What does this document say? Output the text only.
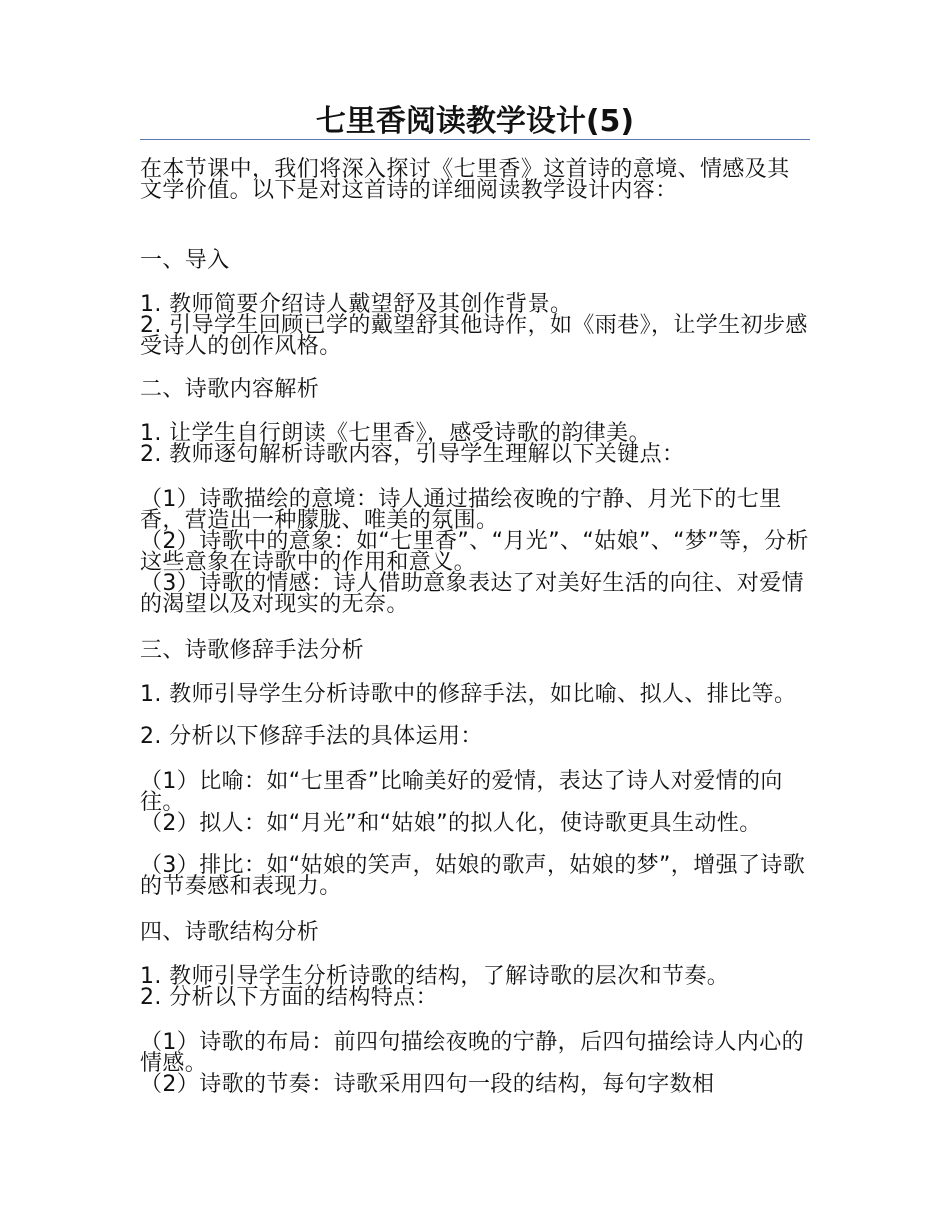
七里香阅读教学设计(5)
在本节课中，我们将深入探讨《七里香》这首诗的意境、情感及其文学价值。以下是对这首诗的详细阅读教学设计内容：
一、导入
1. 教师简要介绍诗人戴望舒及其创作背景。
2. 引导学生回顾已学的戴望舒其他诗作，如《雨巷》，让学生初步感受诗人的创作风格。
二、诗歌内容解析
1. 让学生自行朗读《七里香》，感受诗歌的韵律美。
2. 教师逐句解析诗歌内容，引导学生理解以下关键点：
（1）诗歌描绘的意境：诗人通过描绘夜晚的宁静、月光下的七里香，营造出一种朦胧、唯美的氛围。
（2）诗歌中的意象：如“七里香”、“月光”、“姑娘”、“梦”等，分析这些意象在诗歌中的作用和意义。
（3）诗歌的情感：诗人借助意象表达了对美好生活的向往、对爱情的渴望以及对现实的无奈。
三、诗歌修辞手法分析
1. 教师引导学生分析诗歌中的修辞手法，如比喻、拟人、排比等。
2. 分析以下修辞手法的具体运用：
（1）比喻：如“七里香”比喻美好的爱情，表达了诗人对爱情的向往。
（2）拟人：如“月光”和“姑娘”的拟人化，使诗歌更具生动性。
（3）排比：如“姑娘的笑声，姑娘的歌声，姑娘的梦”，增强了诗歌的节奏感和表现力。
四、诗歌结构分析
1. 教师引导学生分析诗歌的结构，了解诗歌的层次和节奏。
2. 分析以下方面的结构特点：
（1）诗歌的布局：前四句描绘夜晚的宁静，后四句描绘诗人内心的情感。
（2）诗歌的节奏：诗歌采用四句一段的结构，每句字数相
